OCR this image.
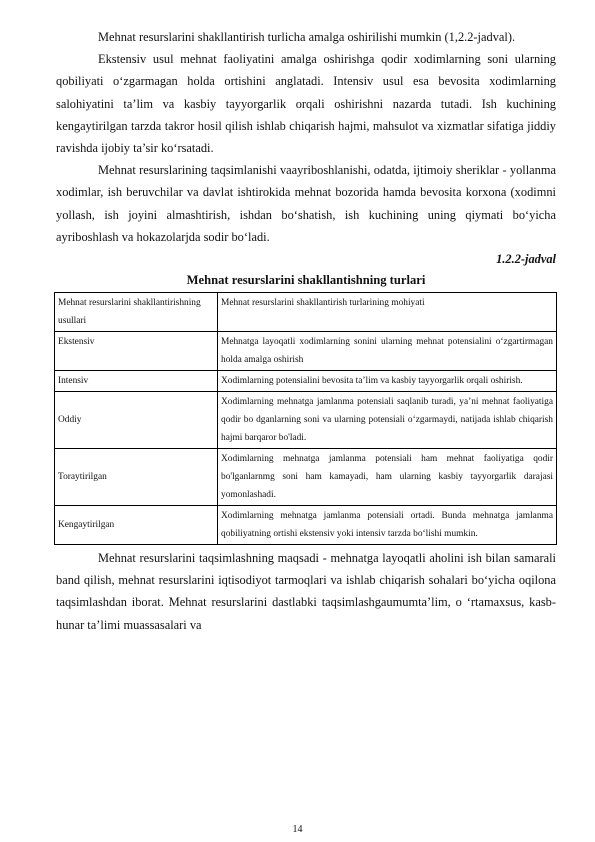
Mehnat resurslarini shakllantirish turlicha amalga oshirilishi mumkin (1,2.2-jadval).

Ekstensiv usul mehnat faoliyatini amalga oshirishga qodir xodimlarning soni ularning qobiliyati o‘zgarmagan holda ortishini anglatadi. Intensiv usul esa bevosita xodimlarning salohiyatini ta’lim va kasbiy tayyorgarlik orqali oshirishni nazarda tutadi. Ish kuchining kengaytirilgan tarzda takror hosil qilish ishlab chiqarish hajmi, mahsulot va xizmatlar sifatiga jiddiy ravishda ijobiy ta’sir ko‘rsatadi.

Mehnat resurslarining taqsimlanishi vaayriboshlanishi, odatda, ijtimoiy sheriklar - yollanma xodimlar, ish beruvchilar va davlat ishtirokida mehnat bozorida hamda bevosita korxona (xodimni yollash, ish joyini almashtirish, ishdan bo‘shatish, ish kuchining uning qiymati bo‘yicha ayriboshlash va hokazolarjda sodir bo‘ladi.

1.2.2-jadval

Mehnat resurslarini shakllantishning turlari

Mehnat resurslarini shakllantirishning usullari	Mehnat resurslarini shakllantirish turlarining mohiyati
Ekstensiv	Mehnatga layoqatli xodimlarning sonini ularning mehnat potensialini o‘zgartirmagan holda amalga oshirish
Intensiv	Xodimlarning potensialini bevosita ta’lim va kasbiy tayyorgarlik orqali oshirish.
Oddiy	Xodimlarning mehnatga jamlanma potensiali saqlanib turadi, ya’ni mehnat faoliyatiga qodir bo dganlarning soni va ularning potensiali o‘zgarmaydi, natijada ishlab chiqarish hajmi barqaror bo'ladi.
Toraytirilgan	Xodimlarning mehnatga jamlanma potensiali ham mehnat faoliyatiga qodir bo'lganlarnmg soni ham kamayadi, ham ularning kasbiy tayyorgarlik darajasi yomonlashadi.
Kengaytirilgan	Xodimlarning mehnatga jamlanma potensiali ortadi. Bunda mehnatga jamlanma qobiliyatning ortishi ekstensiv yoki intensiv tarzda bo‘lishi mumkin.

Mehnat resurslarini taqsimlashning maqsadi - mehnatga layoqatli aholini ish bilan samarali band qilish, mehnat resurslarini iqtisodiyot tarmoqlari va ishlab chiqarish sohalari bo‘yicha oqilona taqsimlashdan iborat. Mehnat resurslarini dastlabki taqsimlashgaumumta’lim, o ‘rtamaxsus, kasb-hunar ta’limi muassasalari va

14
